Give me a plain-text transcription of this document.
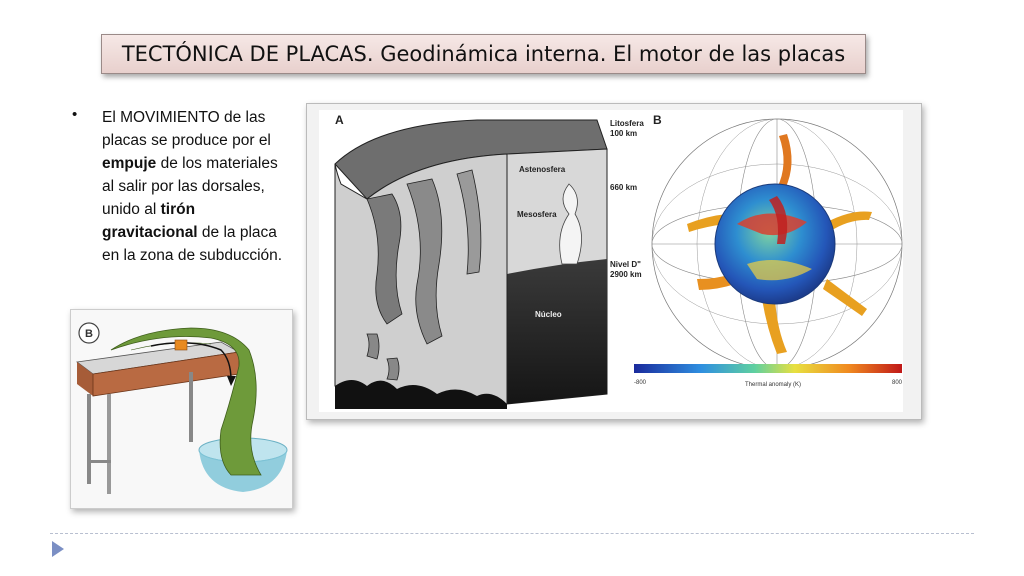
TECTÓNICA DE PLACAS. Geodinámica interna. El motor de las placas
• El MOVIMIENTO de las placas se produce por el empuje de los materiales al salir por las dorsales, unido al tirón gravitacional de la placa en la zona de subducción.
A	Litosfera
100 km
Astenosfera
660 km
Mesosfera
Nivel D"
2900 km
Núcleo
B
-800	800
Thermal anomaly (K)
B
